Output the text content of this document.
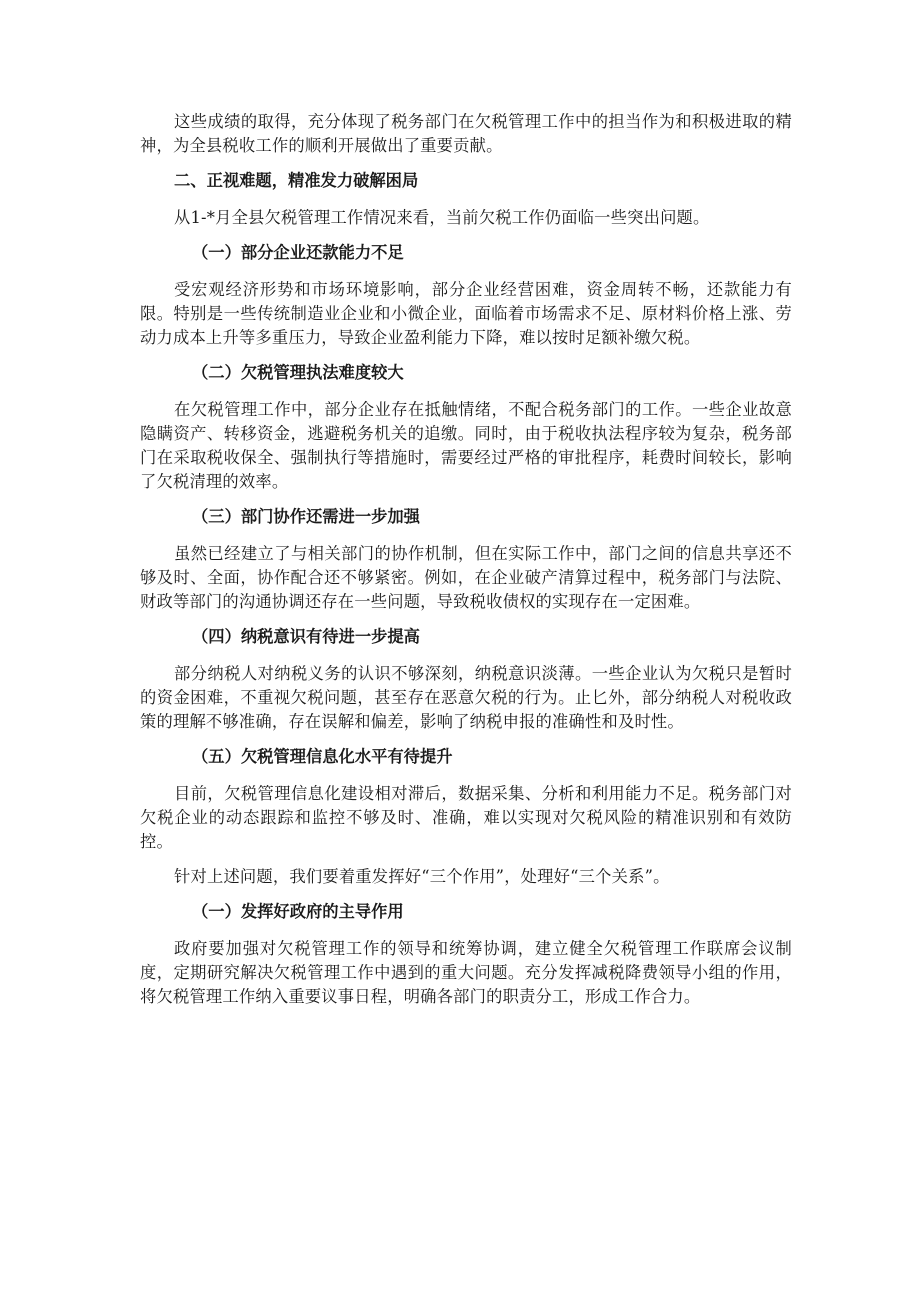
这些成绩的取得，充分体现了税务部门在欠税管理工作中的担当作为和积极进取的精神，为全县税收工作的顺利开展做出了重要贡献。

二、正视难题，精准发力破解困局

从1-*月全县欠税管理工作情况来看，当前欠税工作仍面临一些突出问题。

（一）部分企业还款能力不足

受宏观经济形势和市场环境影响，部分企业经营困难，资金周转不畅，还款能力有限。特别是一些传统制造业企业和小微企业，面临着市场需求不足、原材料价格上涨、劳动力成本上升等多重压力，导致企业盈利能力下降，难以按时足额补缴欠税。

（二）欠税管理执法难度较大

在欠税管理工作中，部分企业存在抵触情绪，不配合税务部门的工作。一些企业故意隐瞒资产、转移资金，逃避税务机关的追缴。同时，由于税收执法程序较为复杂，税务部门在采取税收保全、强制执行等措施时，需要经过严格的审批程序，耗费时间较长，影响了欠税清理的效率。

（三）部门协作还需进一步加强

虽然已经建立了与相关部门的协作机制，但在实际工作中，部门之间的信息共享还不够及时、全面，协作配合还不够紧密。例如，在企业破产清算过程中，税务部门与法院、财政等部门的沟通协调还存在一些问题，导致税收债权的实现存在一定困难。

（四）纳税意识有待进一步提高

部分纳税人对纳税义务的认识不够深刻，纳税意识淡薄。一些企业认为欠税只是暂时的资金困难，不重视欠税问题，甚至存在恶意欠税的行为。止匕外，部分纳税人对税收政策的理解不够准确，存在误解和偏差，影响了纳税申报的准确性和及时性。

（五）欠税管理信息化水平有待提升

目前，欠税管理信息化建设相对滞后，数据采集、分析和利用能力不足。税务部门对欠税企业的动态跟踪和监控不够及时、准确，难以实现对欠税风险的精准识别和有效防控。

针对上述问题，我们要着重发挥好“三个作用”，处理好“三个关系”。

（一）发挥好政府的主导作用

政府要加强对欠税管理工作的领导和统筹协调，建立健全欠税管理工作联席会议制度，定期研究解决欠税管理工作中遇到的重大问题。充分发挥减税降费领导小组的作用，将欠税管理工作纳入重要议事日程，明确各部门的职责分工，形成工作合力。
